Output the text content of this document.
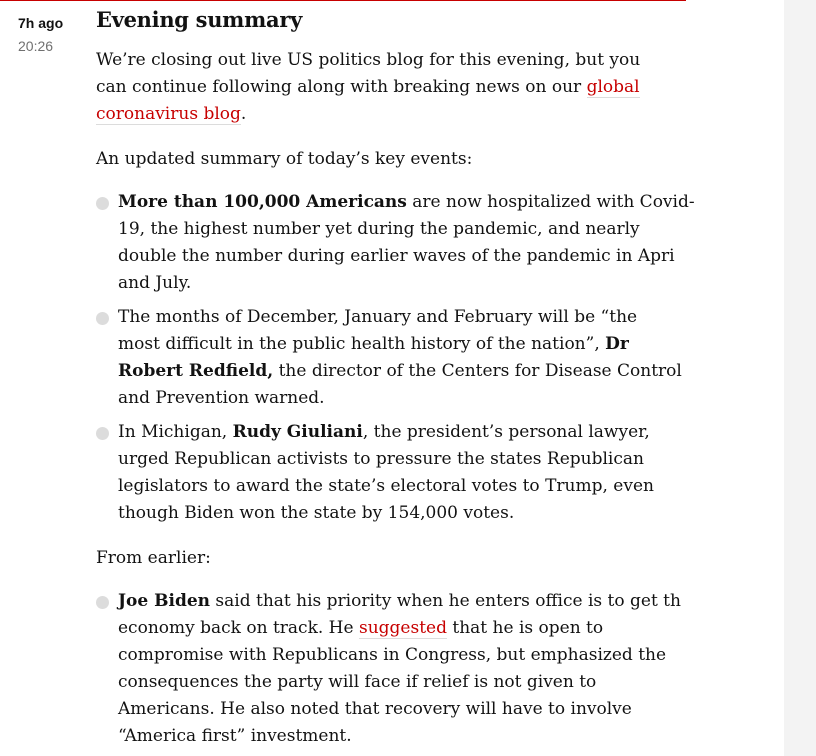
7h ago
20:26
Evening summary

We’re closing out live US politics blog for this evening, but you can continue following along with breaking news on our global
coronavirus blog.

An updated summary of today’s key events:

More than 100,000 Americans are now hospitalized with Covid-
19, the highest number yet during the pandemic, and nearly
double the number during earlier waves of the pandemic in Apri
and July.
The months of December, January and February will be “the
most difficult in the public health history of the nation”, Dr
Robert Redfield, the director of the Centers for Disease Control
and Prevention warned.
In Michigan, Rudy Giuliani, the president’s personal lawyer,
urged Republican activists to pressure the states Republican
legislators to award the state’s electoral votes to Trump, even
though Biden won the state by 154,000 votes.

From earlier:

Joe Biden said that his priority when he enters office is to get th
economy back on track. He suggested that he is open to
compromise with Republicans in Congress, but emphasized the
consequences the party will face if relief is not given to
Americans. He also noted that recovery will have to involve
“America first” investment.
